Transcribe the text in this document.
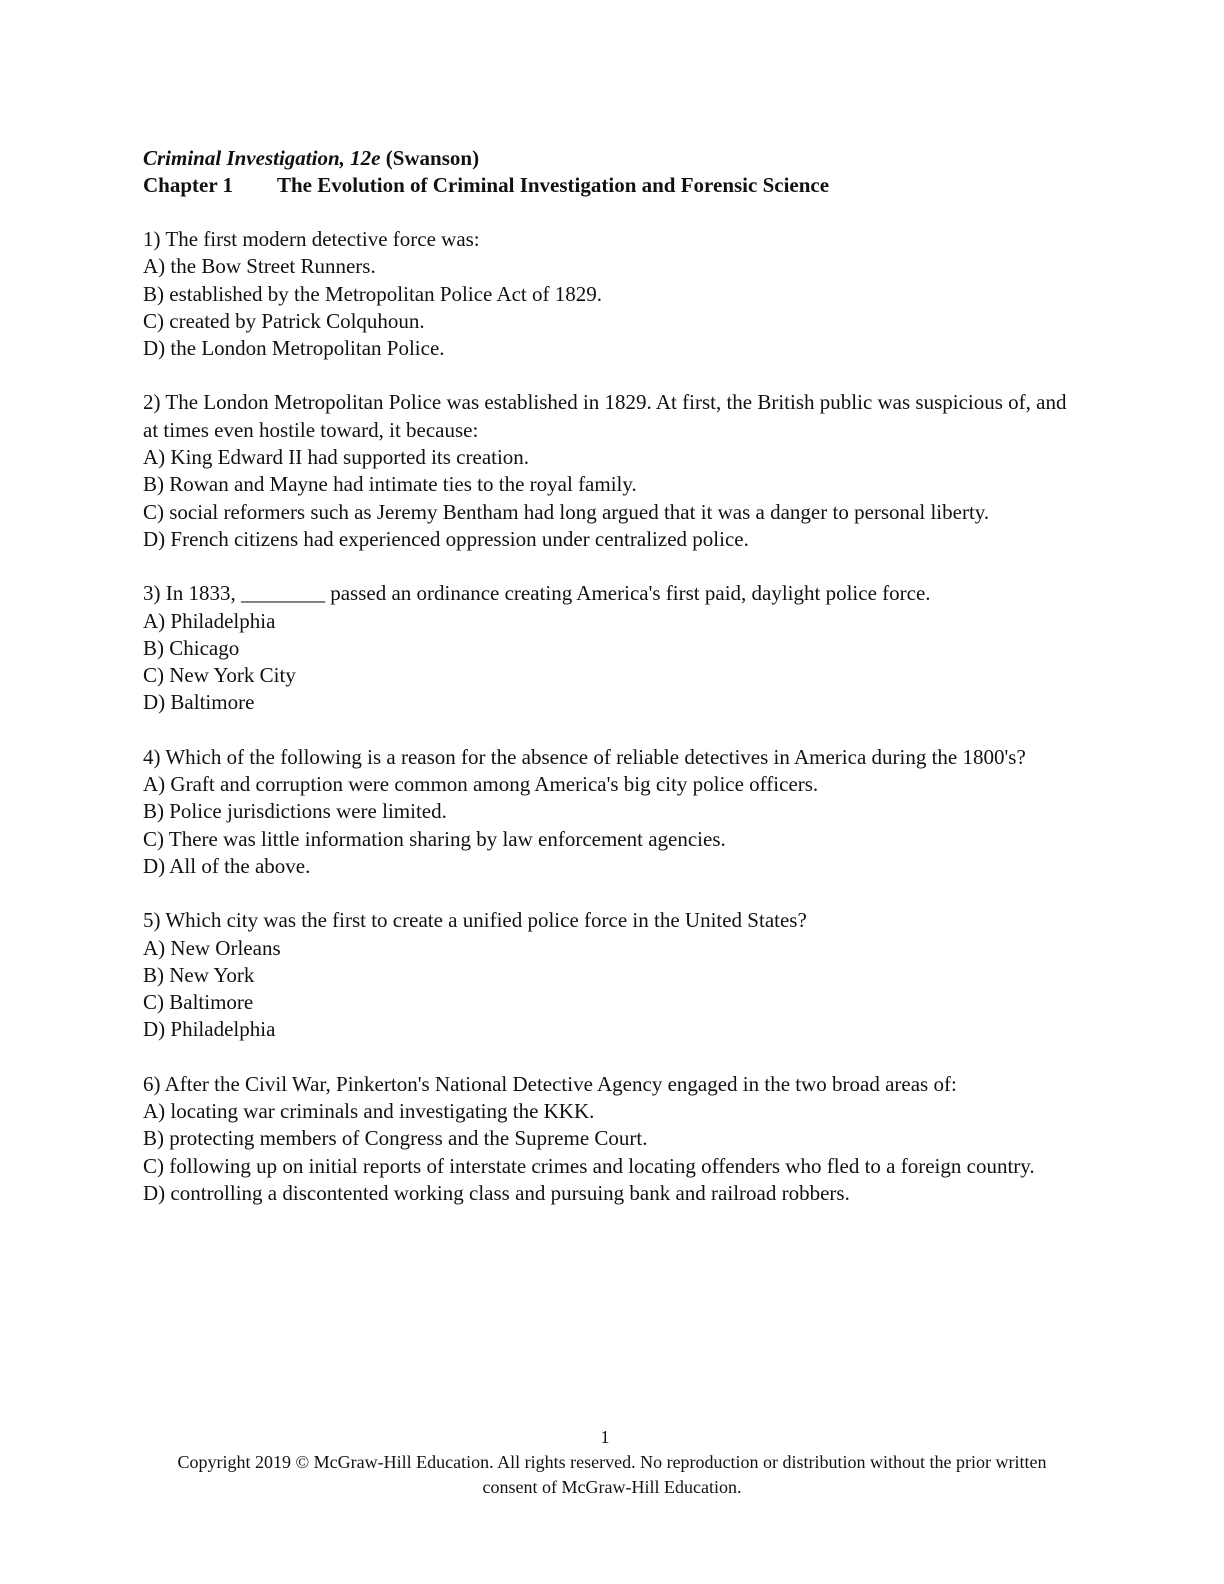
Criminal Investigation, 12e (Swanson)
Chapter 1	The Evolution of Criminal Investigation and Forensic Science

1) The first modern detective force was:

A) the Bow Street Runners.

B) established by the Metropolitan Police Act of 1829.

C) created by Patrick Colquhoun.

D) the London Metropolitan Police.

2) The London Metropolitan Police was established in 1829. At first, the British public was suspicious of, and at times even hostile toward, it because:

A) King Edward II had supported its creation.

B) Rowan and Mayne had intimate ties to the royal family.

C) social reformers such as Jeremy Bentham had long argued that it was a danger to personal liberty.

D) French citizens had experienced oppression under centralized police.

3) In 1833, ________ passed an ordinance creating America's first paid, daylight police force.

A) Philadelphia

B) Chicago

C) New York City

D) Baltimore

4) Which of the following is a reason for the absence of reliable detectives in America during the 1800's?

A) Graft and corruption were common among America's big city police officers.

B) Police jurisdictions were limited.

C) There was little information sharing by law enforcement agencies.

D) All of the above.

5) Which city was the first to create a unified police force in the United States?

A) New Orleans

B) New York

C) Baltimore

D) Philadelphia

6) After the Civil War, Pinkerton's National Detective Agency engaged in the two broad areas of:

A) locating war criminals and investigating the KKK.

B) protecting members of Congress and the Supreme Court.

C) following up on initial reports of interstate crimes and locating offenders who fled to a foreign country.

D) controlling a discontented working class and pursuing bank and railroad robbers.

1
Copyright 2019 © McGraw-Hill Education. All rights reserved. No reproduction or distribution without the prior written consent of McGraw-Hill Education.
